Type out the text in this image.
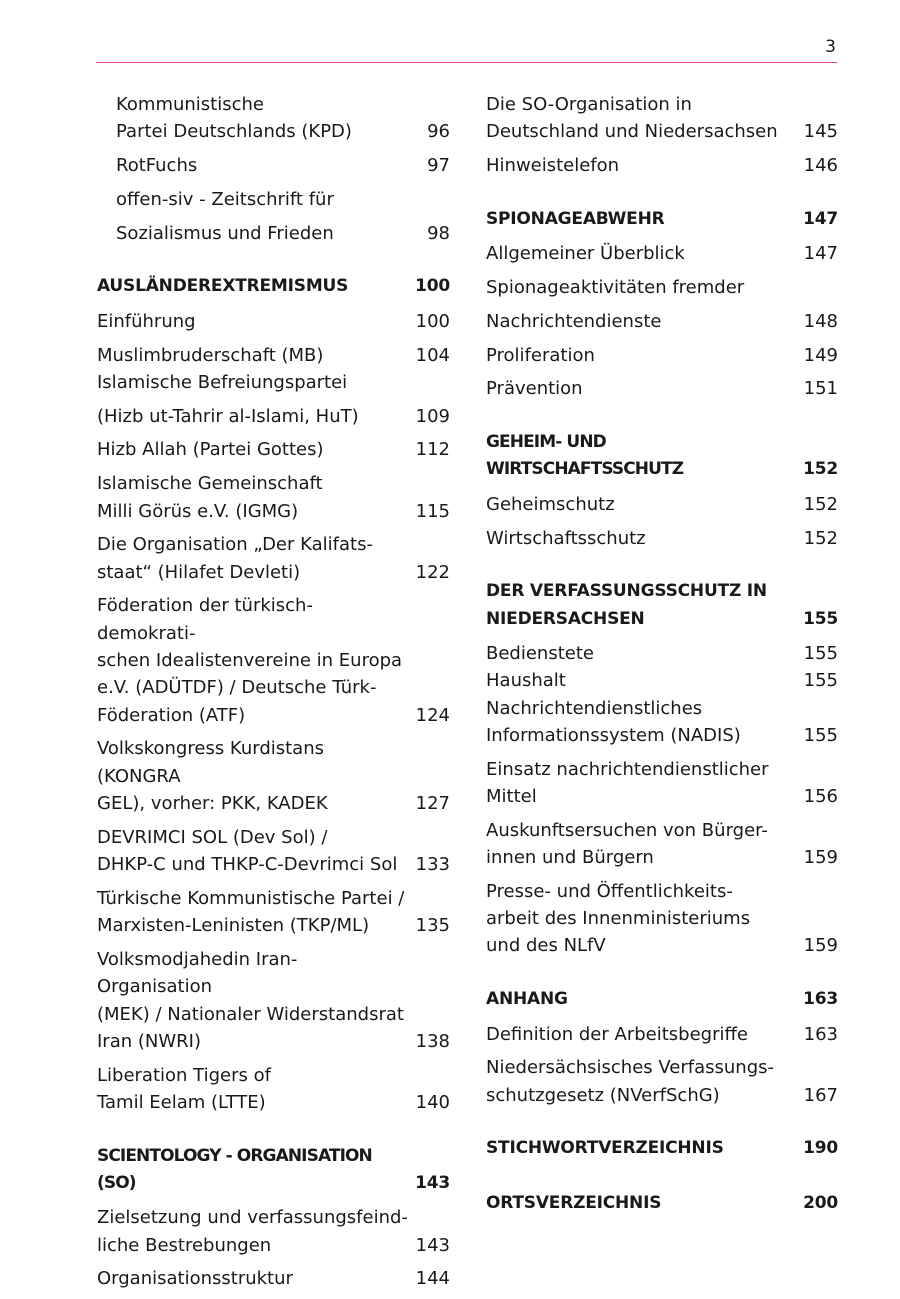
3
Kommunistische
Partei Deutschlands (KPD)	96
RotFuchs	97
offen-siv - Zeitschrift für
Sozialismus und Frieden	98
AUSLÄNDEREXTREMISMUS	100
Einführung	100
Muslimbruderschaft (MB)	104
Islamische Befreiungspartei
(Hizb ut-Tahrir al-Islami, HuT)	109
Hizb Allah (Partei Gottes)	112
Islamische Gemeinschaft
Milli Görüs e.V. (IGMG)	115
Die Organisation „Der Kalifats-
staat“ (Hilafet Devleti)	122
Föderation der türkisch-demokrati-
schen Idealistenvereine in Europa
e.V. (ADÜTDF) / Deutsche Türk-
Föderation (ATF)	124
Volkskongress Kurdistans (KONGRA
GEL), vorher: PKK, KADEK	127
DEVRIMCI SOL (Dev Sol) /
DHKP-C und THKP-C-Devrimci Sol	133
Türkische Kommunistische Partei /
Marxisten-Leninisten (TKP/ML)	135
Volksmodjahedin Iran-Organisation
(MEK) / Nationaler Widerstandsrat
Iran (NWRI)	138
Liberation Tigers of
Tamil Eelam (LTTE)	140
SCIENTOLOGY - ORGANISATION (SO)	143
Zielsetzung und verfassungsfeind-
liche Bestrebungen	143
Organisationsstruktur	144
Die SO-Organisation in
Deutschland und Niedersachsen	145
Hinweistelefon	146
SPIONAGEABWEHR	147
Allgemeiner Überblick	147
Spionageaktivitäten fremder
Nachrichtendienste	148
Proliferation	149
Prävention	151
GEHEIM- UND WIRTSCHAFTSSCHUTZ	152
Geheimschutz	152
Wirtschaftsschutz	152
DER VERFASSUNGSSCHUTZ IN
NIEDERSACHSEN	155
Bedienstete	155
Haushalt	155
Nachrichtendienstliches
Informationssystem (NADIS)	155
Einsatz nachrichtendienstlicher
Mittel	156
Auskunftsersuchen von Bürger-
innen und Bürgern	159
Presse- und Öffentlichkeits-
arbeit des Innenministeriums
und des NLfV	159
ANHANG	163
Definition der Arbeitsbegriffe	163
Niedersächsisches Verfassungs-
schutzgesetz (NVerfSchG)	167
STICHWORTVERZEICHNIS	190
ORTSVERZEICHNIS	200
